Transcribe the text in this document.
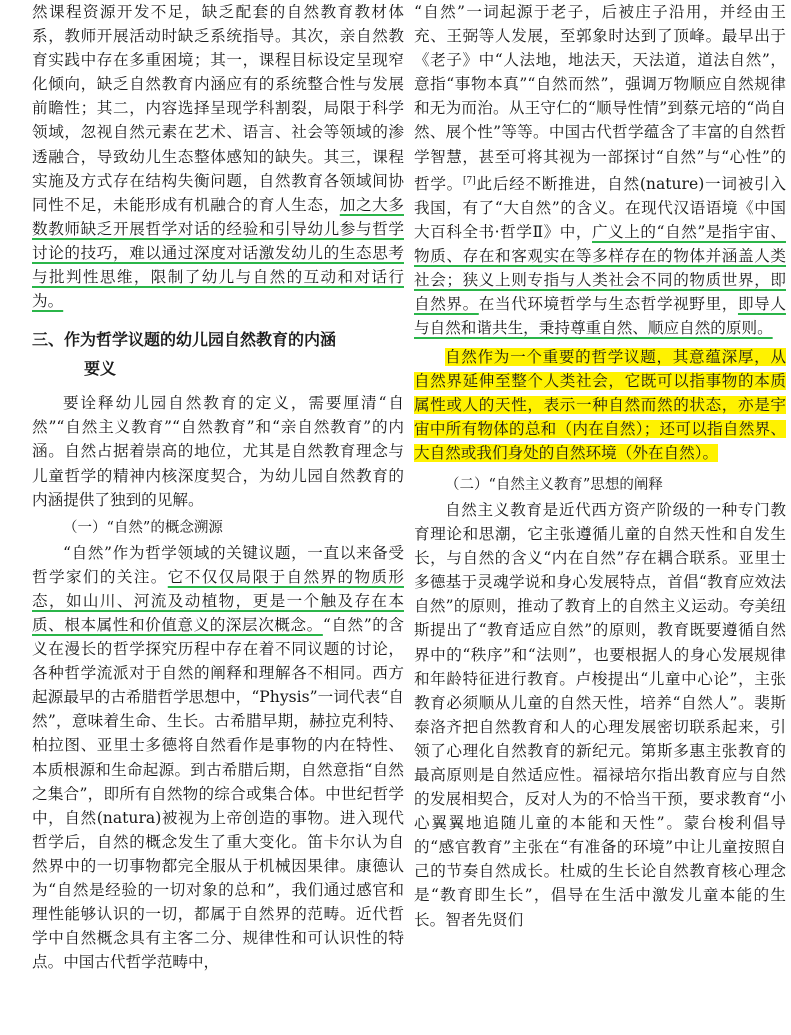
然课程资源开发不足，缺乏配套的自然教育教材体系，教师开展活动时缺乏系统指导。其次，亲自然教育实践中存在多重困境；其一，课程目标设定呈现窄化倾向，缺乏自然教育内涵应有的系统整合性与发展前瞻性；其二，内容选择呈现学科割裂，局限于科学领域，忽视自然元素在艺术、语言、社会等领域的渗透融合，导致幼儿生态整体感知的缺失。其三，课程实施及方式存在结构失衡问题，自然教育各领域间协同性不足，未能形成有机融合的育人生态，加之大多数教师缺乏开展哲学对话的经验和引导幼儿参与哲学讨论的技巧，难以通过深度对话激发幼儿的生态思考与批判性思维，限制了幼儿与自然的互动和对话行为。

三、作为哲学议题的幼儿园自然教育的内涵
要义

要诠释幼儿园自然教育的定义，需要厘清“自然”“自然主义教育”“自然教育”和“亲自然教育”的内涵。自然占据着崇高的地位，尤其是自然教育理念与儿童哲学的精神内核深度契合，为幼儿园自然教育的内涵提供了独到的见解。

（一）“自然”的概念溯源

“自然”作为哲学领域的关键议题，一直以来备受哲学家们的关注。它不仅仅局限于自然界的物质形态，如山川、河流及动植物，更是一个触及存在本质、根本属性和价值意义的深层次概念。“自然”的含义在漫长的哲学探究历程中存在着不同议题的讨论，各种哲学流派对于自然的阐释和理解各不相同。西方起源最早的古希腊哲学思想中，“Physis”一词代表“自然”，意味着生命、生长。古希腊早期，赫拉克利特、柏拉图、亚里士多德将自然看作是事物的内在特性、本质根源和生命起源。到古希腊后期，自然意指“自然之集合”，即所有自然物的综合或集合体。中世纪哲学中，自然(natura)被视为上帝创造的事物。进入现代哲学后，自然的概念发生了重大变化。笛卡尔认为自然界中的一切事物都完全服从于机械因果律。康德认为“自然是经验的一切对象的总和”，我们通过感官和理性能够认识的一切，都属于自然界的范畴。近代哲学中自然概念具有主客二分、规律性和可认识性的特点。中国古代哲学范畴中，

“自然”一词起源于老子，后被庄子沿用，并经由王充、王弼等人发展，至郭象时达到了顶峰。最早出于《老子》中“人法地，地法天，天法道，道法自然”，意指“事物本真”“自然而然”，强调万物顺应自然规律和无为而治。从王守仁的“顺导性情”到蔡元培的“尚自然、展个性”等等。中国古代哲学蕴含了丰富的自然哲学智慧，甚至可将其视为一部探讨“自然”与“心性”的哲学。[7]此后经不断推进，自然(nature)一词被引入我国，有了“大自然”的含义。在现代汉语语境《中国大百科全书·哲学Ⅱ》中，广义上的“自然”是指宇宙、物质、存在和客观实在等多样存在的物体并涵盖人类社会；狭义上则专指与人类社会不同的物质世界，即自然界。在当代环境哲学与生态哲学视野里，即导人与自然和谐共生，秉持尊重自然、顺应自然的原则。

自然作为一个重要的哲学议题，其意蕴深厚，从自然界延伸至整个人类社会，它既可以指事物的本质属性或人的天性，表示一种自然而然的状态，亦是宇宙中所有物体的总和（内在自然）；还可以指自然界、大自然或我们身处的自然环境（外在自然）。

（二）“自然主义教育”思想的阐释

自然主义教育是近代西方资产阶级的一种专门教育理论和思潮，它主张遵循儿童的自然天性和自发生长，与自然的含义“内在自然”存在耦合联系。亚里士多德基于灵魂学说和身心发展特点，首倡“教育应效法自然”的原则，推动了教育上的自然主义运动。夸美纽斯提出了“教育适应自然”的原则，教育既要遵循自然界中的“秩序”和“法则”，也要根据人的身心发展规律和年龄特征进行教育。卢梭提出“儿童中心论”，主张教育必须顺从儿童的自然天性，培养“自然人”。裴斯泰洛齐把自然教育和人的心理发展密切联系起来，引领了心理化自然教育的新纪元。第斯多惠主张教育的最高原则是自然适应性。福禄培尔指出教育应与自然的发展相契合，反对人为的不恰当干预，要求教育“小心翼翼地追随儿童的本能和天性”。蒙台梭利倡导的“感官教育”主张在“有准备的环境”中让儿童按照自己的节奏自然成长。杜威的生长论自然教育核心理念是“教育即生长”，倡导在生活中激发儿童本能的生长。智者先贤们
